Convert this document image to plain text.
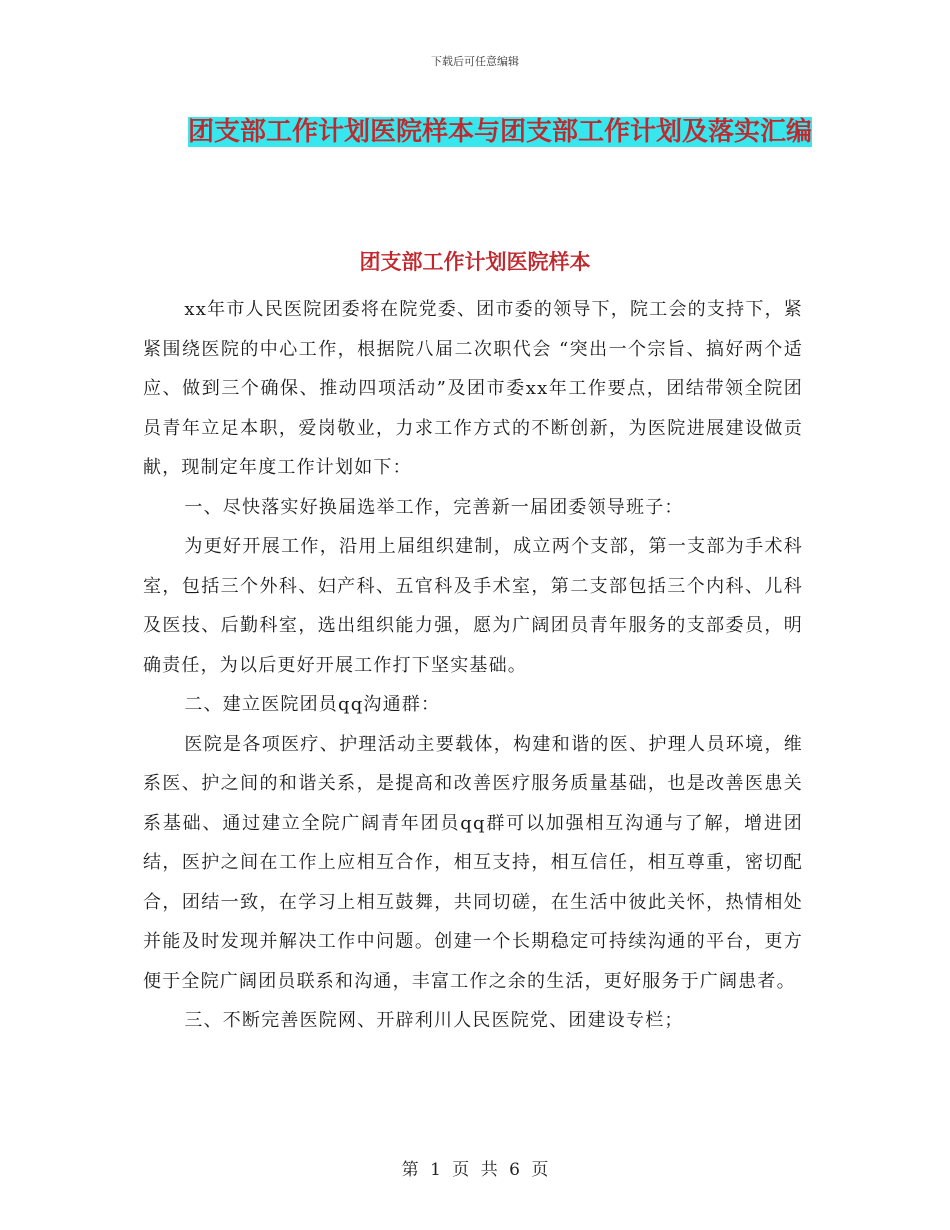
下载后可任意编辑
团支部工作计划医院样本与团支部工作计划及落实汇编
团支部工作计划医院样本

xx年市人民医院团委将在院党委、团市委的领导下，院工会的支持下，紧紧围绕医院的中心工作，根据院八届二次职代会 “突出一个宗旨、搞好两个适应、做到三个确保、推动四项活动”及团市委xx年工作要点，团结带领全院团员青年立足本职，爱岗敬业，力求工作方式的不断创新，为医院进展建设做贡献，现制定年度工作计划如下：

一、尽快落实好换届选举工作，完善新一届团委领导班子：

为更好开展工作，沿用上届组织建制，成立两个支部，第一支部为手术科室，包括三个外科、妇产科、五官科及手术室，第二支部包括三个内科、儿科及医技、后勤科室，选出组织能力强，愿为广阔团员青年服务的支部委员，明确责任，为以后更好开展工作打下坚实基础。

二、建立医院团员qq沟通群：

医院是各项医疗、护理活动主要载体，构建和谐的医、护理人员环境，维系医、护之间的和谐关系，是提高和改善医疗服务质量基础，也是改善医患关系基础、通过建立全院广阔青年团员qq群可以加强相互沟通与了解，增进团结，医护之间在工作上应相互合作，相互支持，相互信任，相互尊重，密切配合，团结一致，在学习上相互鼓舞，共同切磋，在生活中彼此关怀，热情相处并能及时发现并解决工作中问题。创建一个长期稳定可持续沟通的平台，更方便于全院广阔团员联系和沟通，丰富工作之余的生活，更好服务于广阔患者。

三、不断完善医院网、开辟利川人民医院党、团建设专栏；

第 1 页 共 6 页
